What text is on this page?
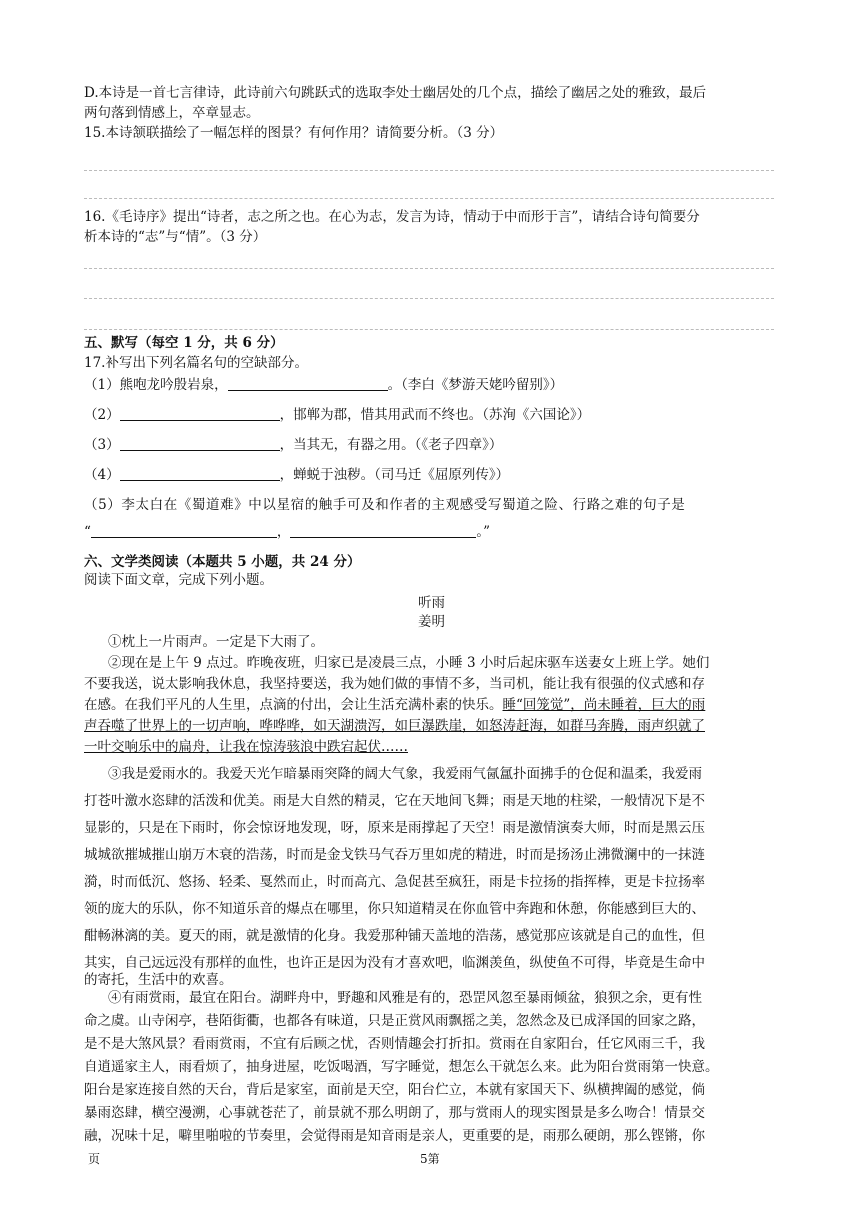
D.本诗是一首七言律诗，此诗前六句跳跃式的选取李处士幽居处的几个点，描绘了幽居之处的雅致，最后
两句落到情感上，卒章显志。
15.本诗颔联描绘了一幅怎样的图景？有何作用？请简要分析。（3 分）
16.《毛诗序》提出“诗者，志之所之也。在心为志，发言为诗，情动于中而形于言”，请结合诗句简要分
析本诗的“志”与“情”。（3 分）
五、默写（每空 1 分，共 6 分）
17.补写出下列名篇名句的空缺部分。
（1）熊咆龙吟殷岩泉，	。（李白《梦游天姥吟留别》）
（2）	，邯郸为郡，惜其用武而不终也。（苏洵《六国论》）
（3）	，当其无，有器之用。（《老子四章》）
（4）	，蝉蜕于浊秽。（司马迁《屈原列传》）
（5）李太白在《蜀道难》中以星宿的触手可及和作者的主观感受写蜀道之险、行路之难的句子是
“	，	。”
六、文学类阅读（本题共 5 小题，共 24 分）
阅读下面文章，完成下列小题。
听雨
姜明
①枕上一片雨声。一定是下大雨了。
②现在是上午 9 点过。昨晚夜班，归家已是凌晨三点，小睡 3 小时后起床驱车送妻女上班上学。她们
不要我送，说太影响我休息，我坚持要送，我为她们做的事情不多，当司机，能让我有很强的仪式感和存
在感。在我们平凡的人生里，点滴的付出，会让生活充满朴素的快乐。睡“回笼觉”，尚未睡着，巨大的雨
声吞噬了世界上的一切声响，哗哗哗，如天湖溃泻，如巨瀑跌崖，如怒涛赶海，如群马奔腾，雨声织就了
一叶交响乐中的扁舟，让我在惊涛骇浪中跌宕起伏……
③我是爱雨水的。我爱天光乍暗暴雨突降的阔大气象，我爱雨气氤氲扑面拂手的仓促和温柔，我爱雨
打苍叶激水恣肆的活泼和优美。雨是大自然的精灵，它在天地间飞舞；雨是天地的柱梁，一般情况下是不
显影的，只是在下雨时，你会惊讶地发现，呀，原来是雨撑起了天空！雨是激情演奏大师，时而是黑云压
城城欲摧城摧山崩万木衰的浩荡，时而是金戈铁马气吞万里如虎的精进，时而是扬汤止沸微澜中的一抹涟
漪，时而低沉、悠扬、轻柔、戛然而止，时而高亢、急促甚至疯狂，雨是卡拉扬的指挥棒，更是卡拉扬率
领的庞大的乐队，你不知道乐音的爆点在哪里，你只知道精灵在你血管中奔跑和休憩，你能感到巨大的、
酣畅淋漓的美。夏天的雨，就是激情的化身。我爱那种铺天盖地的浩荡，感觉那应该就是自己的血性，但
其实，自己远远没有那样的血性，也许正是因为没有才喜欢吧，临渊羡鱼，纵使鱼不可得，毕竟是生命中
的寄托，生活中的欢喜。
④有雨赏雨，最宜在阳台。湖畔舟中，野趣和风雅是有的，恐罡风忽至暴雨倾盆，狼狈之余，更有性
命之虞。山寺闲亭，巷陌街衢，也都各有味道，只是正赏风雨飘摇之美，忽然念及已成泽国的回家之路，
是不是大煞风景？看雨赏雨，不宜有后顾之忧，否则情趣会打折扣。赏雨在自家阳台，任它风雨三千，我
自逍遥家主人，雨看烦了，抽身进屋，吃饭喝酒，写字睡觉，想怎么干就怎么来。此为阳台赏雨第一快意。
阳台是家连接自然的天台，背后是家室，面前是天空，阳台伫立，本就有家国天下、纵横捭阖的感觉，倘
暴雨恣肆，横空漫溯，心事就苍茫了，前景就不那么明朗了，那与赏雨人的现实图景是多么吻合！情景交
融，况味十足，噼里啪啦的节奏里，会觉得雨是知音雨是亲人，更重要的是，雨那么硬朗，那么铿锵，你
页	5第
